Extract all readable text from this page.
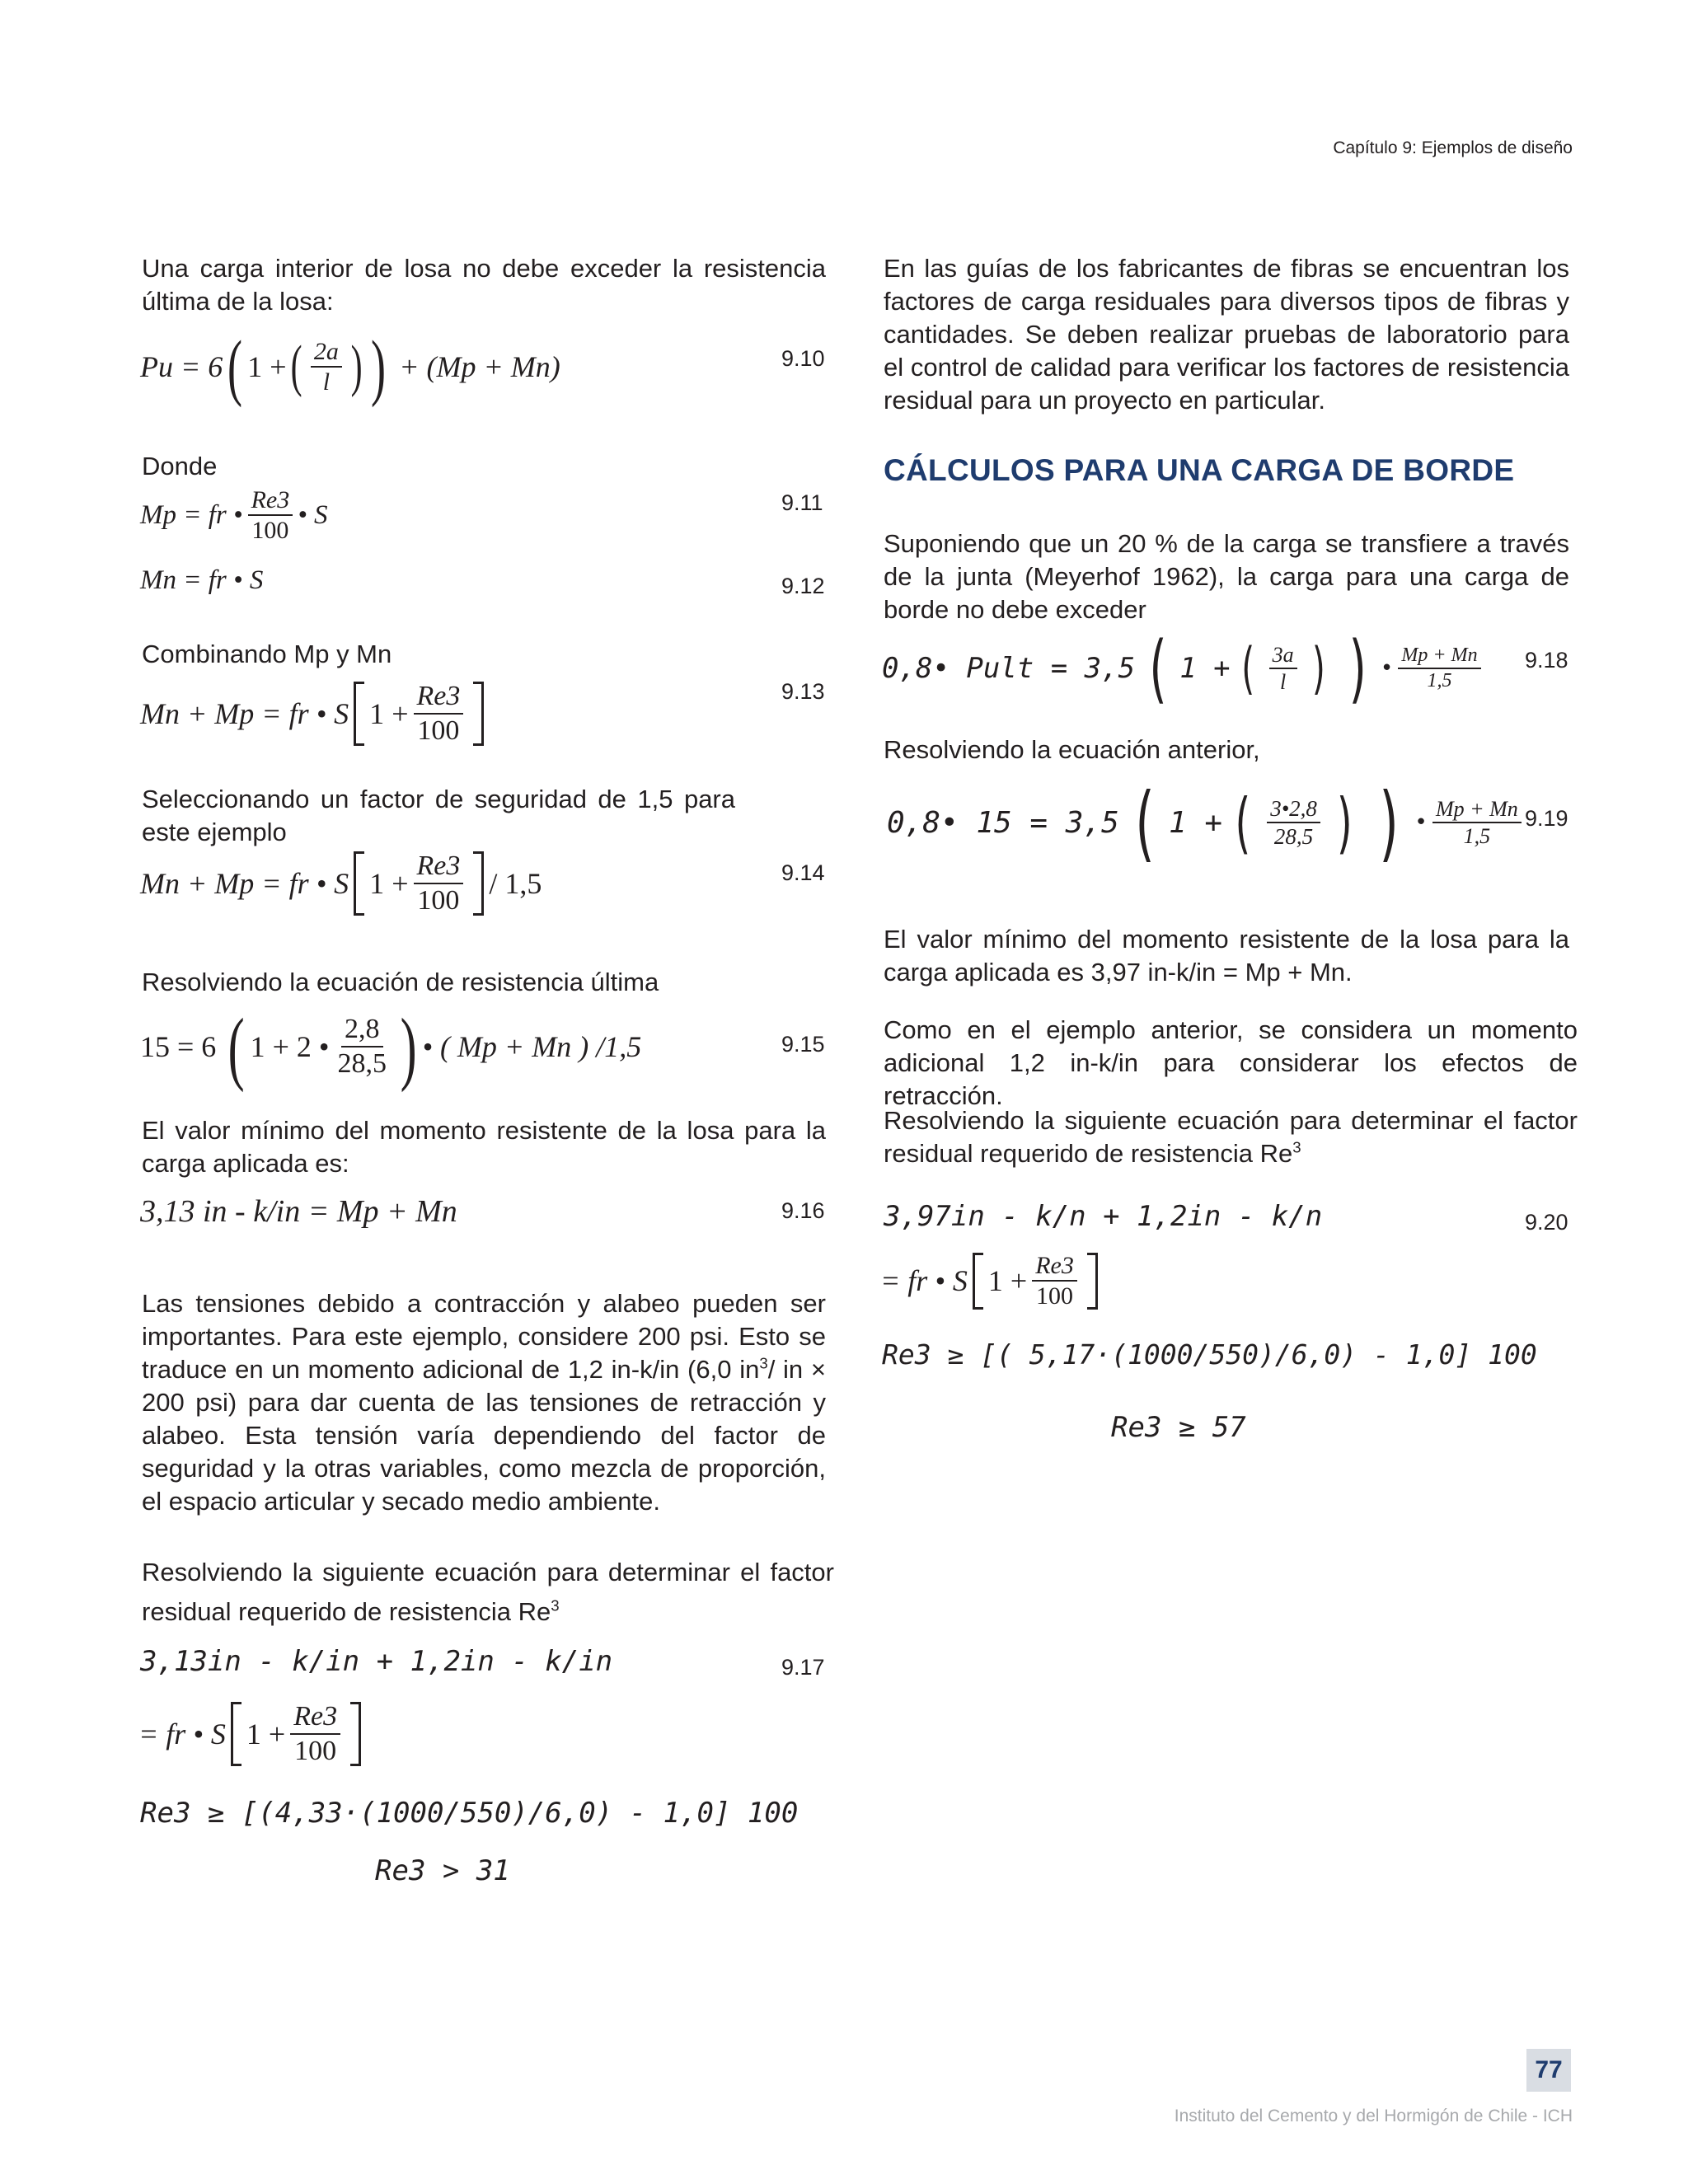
Capítulo 9: Ejemplos de diseño
Una carga interior de losa no debe exceder la resistencia última de la losa:
Pu = 6 ( 1 + ( $\frac{2a}{l}$ ) ) + (Mp + Mn)	9.10
Donde
Mp = fr • $\frac{Re3}{100}$ • S	9.11
Mn = fr • S	9.12
Combinando Mp y Mn
Mn + Mp = fr • S $1 + \frac{Re3}{100}$	9.13
Seleccionando un factor de seguridad de 1,5 para este ejemplo
Mn + Mp = fr • S $1 + \frac{Re3}{100} / 1,5$	9.14
Resolviendo la ecuación de resistencia última
15 = 6 ( 1 + 2 • $\frac{2,8}{28,5}$ ) • ( Mp + Mn ) /1,5	9.15
El valor mínimo del momento resistente de la losa para la carga aplicada es:
3,13 in - k/in = Mp + Mn	9.16
Las tensiones debido a contracción y alabeo pueden ser importantes. Para este ejemplo, considere 200 psi. Esto se traduce en un momento adicional de 1,2 in-k/in (6,0 $in^3/$ in × 200 psi) para dar cuenta de las tensiones de retracción y alabeo. Esta tensión varía dependiendo del factor de seguridad y la otras variables, como mezcla de proporción, el espacio articular y secado medio ambiente.
Resolviendo la siguiente ecuación para determinar el factor residual requerido de resistencia Re$^3$
3,13in - k/in + 1,2in - k/in	9.17
= fr • S $1 + \frac{Re3}{100}$
Re3 ≥ [(4,33·(1000/550)/6,0) - 1,0] 100
Re3 > 31
En las guías de los fabricantes de fibras se encuentran los factores de carga residuales para diversos tipos de fibras y cantidades. Se deben realizar pruebas de laboratorio para el control de calidad para verificar los factores de resistencia residual para un proyecto en particular.
CÁLCULOS PARA UNA CARGA DE BORDE
Suponiendo que un 20 % de la carga se transfiere a través de la junta (Meyerhof 1962), la carga para una carga de borde no debe exceder
0,8• Pult = 3,5 ( 1 + ( $\frac{3a}{l}$ ) ) • $\frac{Mp + Mn}{1,5} 9.18$
Resolviendo la ecuación anterior,
0,8• 15 = 3,5 ( 1 + ( $\frac{3•2,8}{28,5}$ ) ) • $\frac{Mp + Mn}{1,5} 9.19$
El valor mínimo del momento resistente de la losa para la carga aplicada es 3,97 in-k/in = Mp + Mn.
Como en el ejemplo anterior, se considera un momento adicional 1,2 in-k/in para considerar los efectos de retracción.
Resolviendo la siguiente ecuación para determinar el factor residual requerido de resistencia Re$^3$
3,97in - k/n + 1,2in - k/n	9.20
= fr • S $1 + \frac{Re3}{100}$
Re3 ≥ [( 5,17·(1000/550)/6,0) - 1,0] 100
Re3 ≥ 57
77
Instituto del Cemento y del Hormigón de Chile - ICH
